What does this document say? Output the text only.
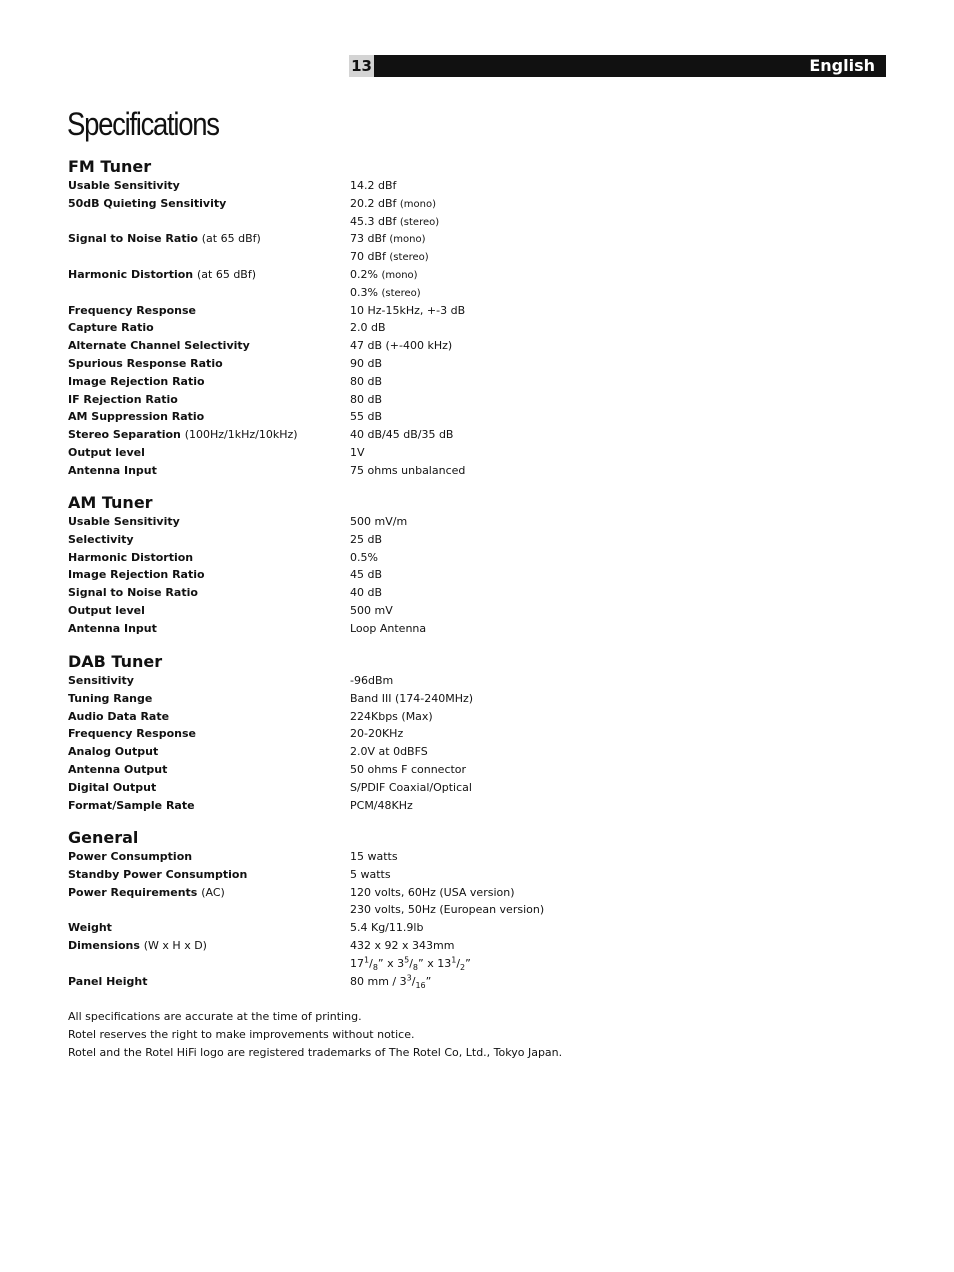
13	English
Specifications
FM Tuner
Usable Sensitivity	14.2 dBf
50dB Quieting Sensitivity	20.2 dBf (mono)
45.3 dBf (stereo)
Signal to Noise Ratio (at 65 dBf)	73 dBf (mono)
70 dBf (stereo)
Harmonic Distortion (at 65 dBf)	0.2% (mono)
0.3% (stereo)
Frequency Response	10 Hz-15kHz, +-3 dB
Capture Ratio	2.0 dB
Alternate Channel Selectivity	47 dB (+-400 kHz)
Spurious Response Ratio	90 dB
Image Rejection Ratio	80 dB
IF Rejection Ratio	80 dB
AM Suppression Ratio	55 dB
Stereo Separation (100Hz/1kHz/10kHz)	40 dB/45 dB/35 dB
Output level	1V
Antenna Input	75 ohms unbalanced
AM Tuner
Usable Sensitivity	500 mV/m
Selectivity	25 dB
Harmonic Distortion	0.5%
Image Rejection Ratio	45 dB
Signal to Noise Ratio	40 dB
Output level	500 mV
Antenna Input	Loop Antenna
DAB Tuner
Sensitivity	-96dBm
Tuning Range	Band III (174-240MHz)
Audio Data Rate	224Kbps (Max)
Frequency Response	20-20KHz
Analog Output	2.0V at 0dBFS
Antenna Output	50 ohms F connector
Digital Output	S/PDIF Coaxial/Optical
Format/Sample Rate	PCM/48KHz
General
Power Consumption	15 watts
Standby Power Consumption	5 watts
Power Requirements (AC)	120 volts, 60Hz (USA version)
230 volts, 50Hz (European version)
Weight	5.4 Kg/11.9lb
Dimensions (W x H x D)	432 x 92 x 343mm
$17^1/_8$” x $3^5/_8$” x $13^1/_2$”
Panel Height	80 mm / $3^3/_{16}$”

All specifications are accurate at the time of printing.

Rotel reserves the right to make improvements without notice.

Rotel and the Rotel HiFi logo are registered trademarks of The Rotel Co, Ltd., Tokyo Japan.
